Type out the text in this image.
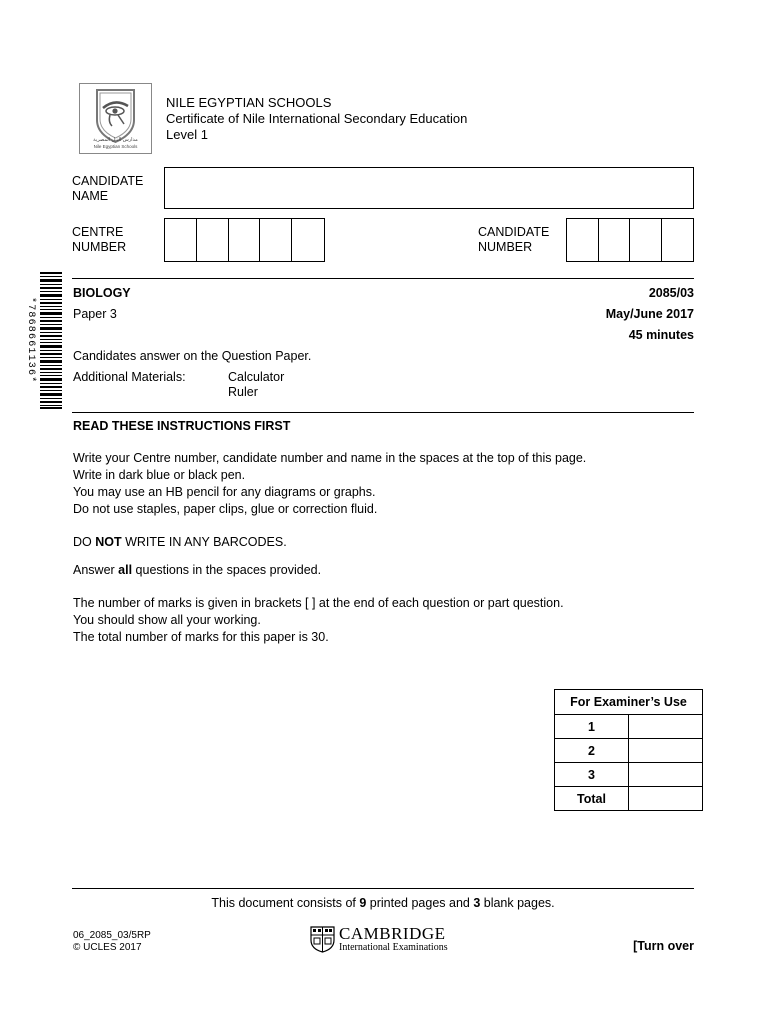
مدارس النيل المصرية
Nile Egyptian Schools
NILE EGYPTIAN SCHOOLS
Certificate of Nile International Secondary Education
Level 1
CANDIDATE
NAME
CENTRE
NUMBER
CANDIDATE
NUMBER
*7868661136*
BIOLOGY	2085/03
Paper 3	May/June 2017
45 minutes
Candidates answer on the Question Paper.
Additional Materials:	Calculator
Ruler
READ THESE INSTRUCTIONS FIRST
Write your Centre number, candidate number and name in the spaces at the top of this page.
Write in dark blue or black pen.
You may use an HB pencil for any diagrams or graphs.
Do not use staples, paper clips, glue or correction fluid.
DO NOT WRITE IN ANY BARCODES.
Answer all questions in the spaces provided.
The number of marks is given in brackets [ ] at the end of each question or part question.
You should show all your working.
The total number of marks for this paper is 30.
For Examiner’s Use	
1	
2	
3	
Total	
This document consists of 9 printed pages and 3 blank pages.
06_2085_03/5RP
© UCLES 2017
CAMBRIDGE
International Examinations	[Turn over
